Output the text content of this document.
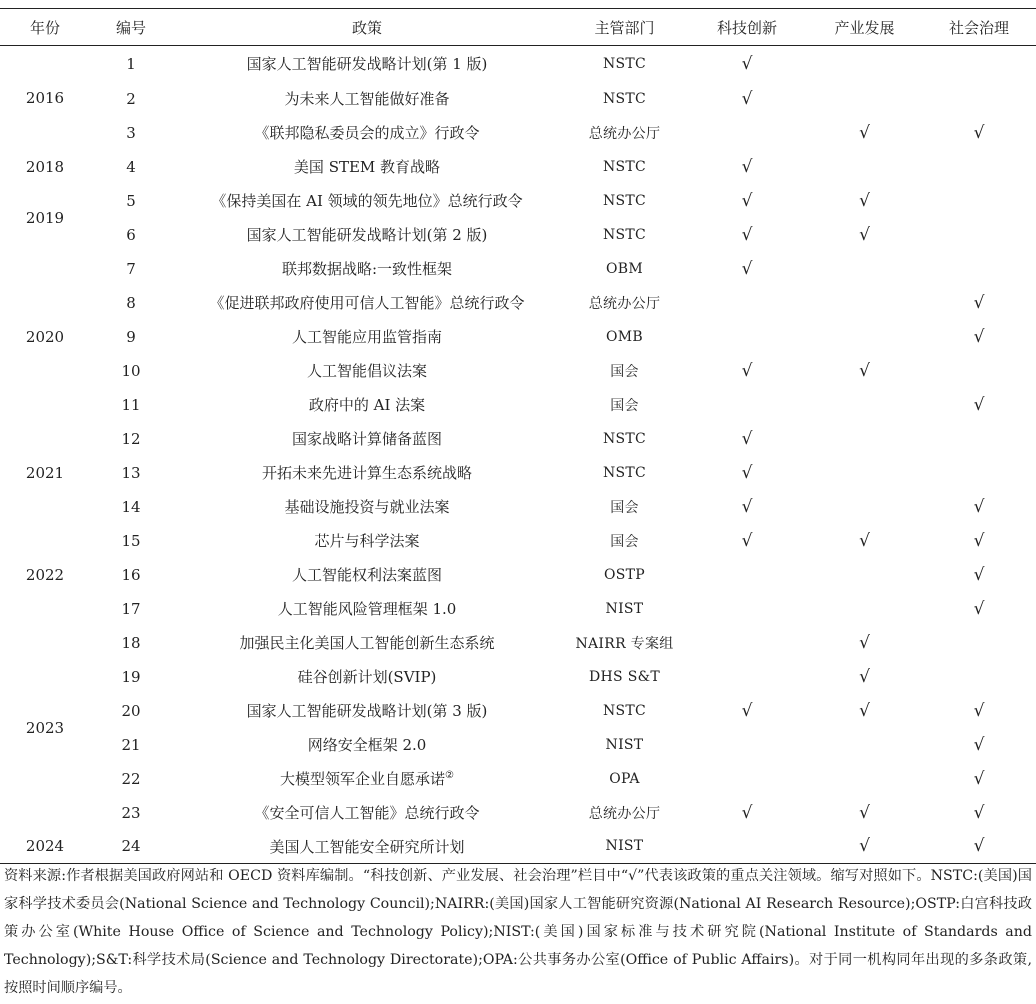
年份	编号	政策	主管部门	科技创新	产业发展	社会治理
2016	1	国家人工智能研发战略计划(第 1 版)	NSTC	√		
	2	为未来人工智能做好准备	NSTC	√		
	3	《联邦隐私委员会的成立》行政令	总统办公厅		√	√
2018	4	美国 STEM 教育战略	NSTC	√		
2019	5	《保持美国在 AI 领域的领先地位》总统行政令	NSTC	√	√	
	6	国家人工智能研发战略计划(第 2 版)	NSTC	√	√	
2020	7	联邦数据战略:一致性框架	OBM	√		
	8	《促进联邦政府使用可信人工智能》总统行政令	总统办公厅			√
	9	人工智能应用监管指南	OMB			√
	10	人工智能倡议法案	国会	√	√	
	11	政府中的 AI 法案	国会			√
2021	12	国家战略计算储备蓝图	NSTC	√		
	13	开拓未来先进计算生态系统战略	NSTC	√		
	14	基础设施投资与就业法案	国会	√		√
2022	15	芯片与科学法案	国会	√	√	√
	16	人工智能权利法案蓝图	OSTP			√
	17	人工智能风险管理框架 1.0	NIST			√
2023	18	加强民主化美国人工智能创新生态系统	NAIRR 专案组		√	
	19	硅谷创新计划(SVIP)	DHS S&T		√	
	20	国家人工智能研发战略计划(第 3 版)	NSTC	√	√	√
	21	网络安全框架 2.0	NIST			√
	22	大模型领军企业自愿承诺②	OPA			√
	23	《安全可信人工智能》总统行政令	总统办公厅	√	√	√
2024	24	美国人工智能安全研究所计划	NIST		√	√

资料来源:作者根据美国政府网站和 OECD 资料库编制。“科技创新、产业发展、社会治理”栏目中“√”代表该政策的重点关注领域。缩写对照如下。NSTC:(美国)国家科学技术委员会(National Science and Technology Council);NAIRR:(美国)国家人工智能研究资源(National AI Research Resource);OSTP:白宫科技政策办公室(White House Office of Science and Technology Policy);NIST:(美国)国家标准与技术研究院(National Institute of Standards and Technology);S&T:科学技术局(Science and Technology Directorate);OPA:公共事务办公室(Office of Public Affairs)。对于同一机构同年出现的多条政策,按照时间顺序编号。
